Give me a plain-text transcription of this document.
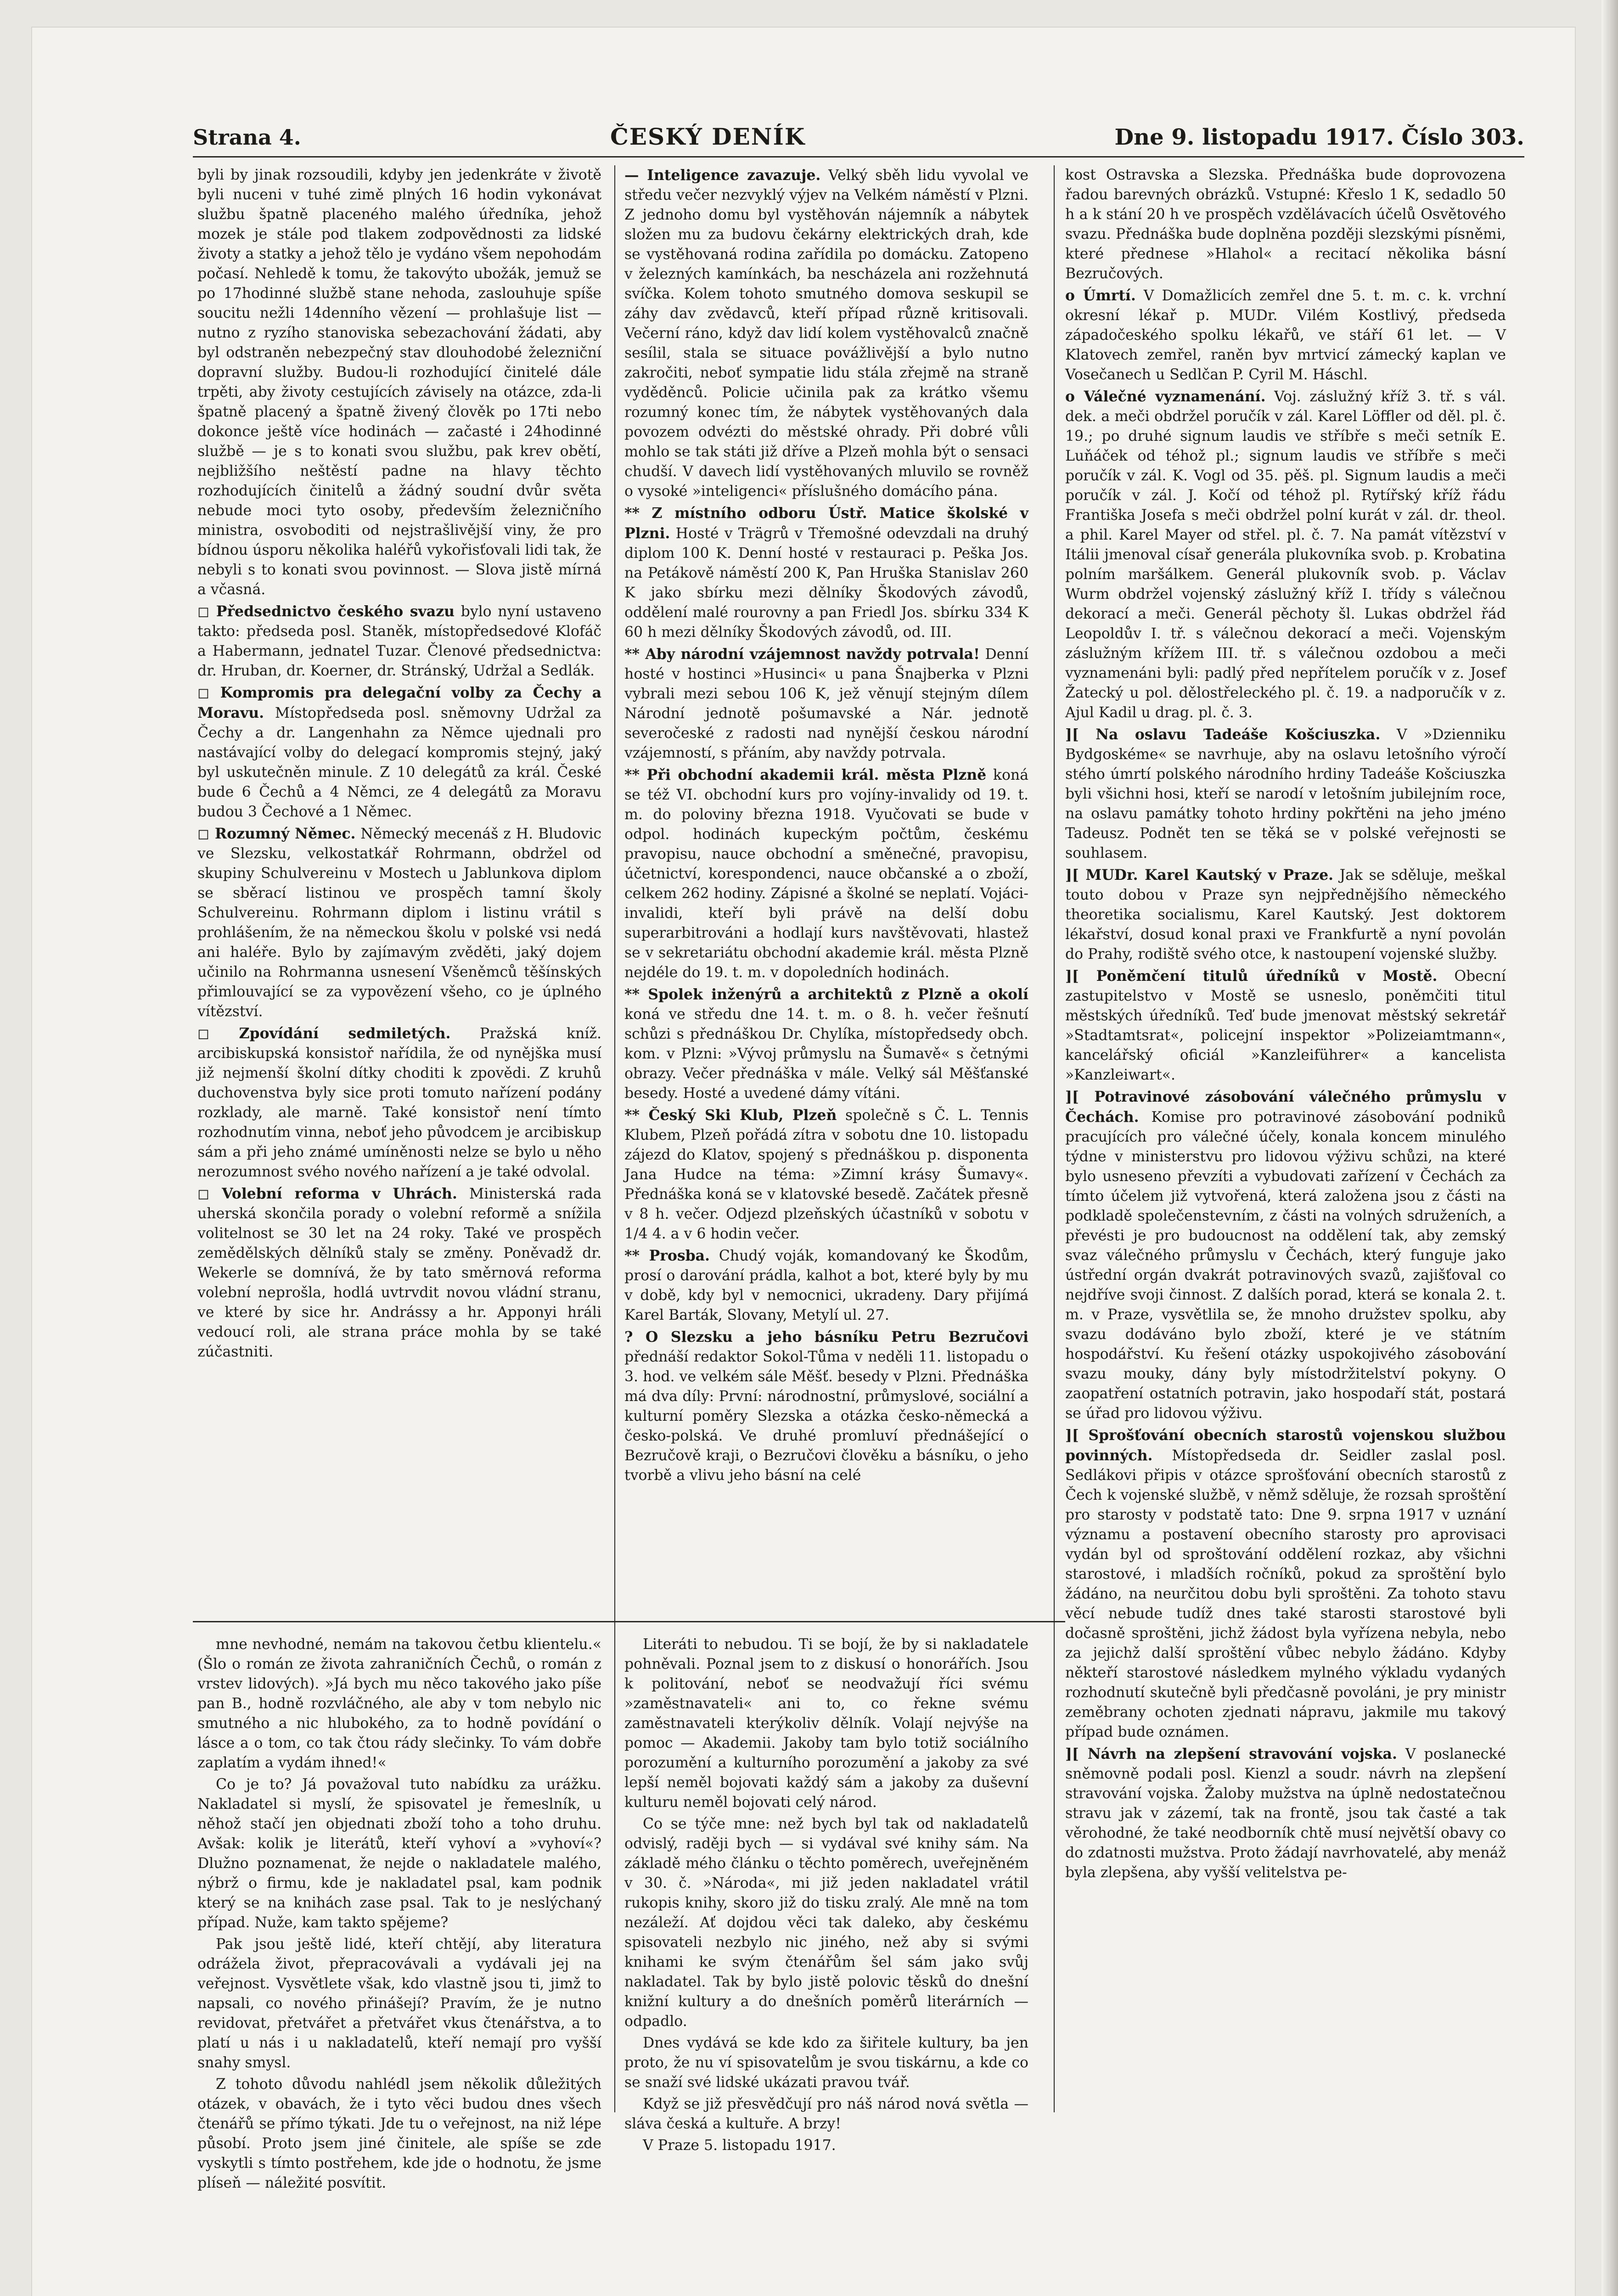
Strana 4.	ČESKÝ DENÍK	Dne 9. listopadu 1917. Číslo 303.

byli by jinak rozsoudili, kdyby jen jedenkráte v životě byli nuceni v tuhé zimě plných 16 hodin vykonávat službu špatně placeného malého úředníka, jehož mozek je stále pod tlakem zodpovědnosti za lidské životy a statky a jehož tělo je vydáno všem nepohodám počasí. Nehledě k tomu, že takovýto ubožák, jemuž se po 17hodinné službě stane nehoda, zaslouhuje spíše soucitu nežli 14denního vězení — prohlašuje list — nutno z ryzího stanoviska sebezachování žádati, aby byl odstraněn nebezpečný stav dlouhodobé železniční dopravní služby. Budou-li rozhodující činitelé dále trpěti, aby životy cestujících závisely na otázce, zda-li špatně placený a špatně živený člověk po 17ti nebo dokonce ještě více hodinách — začasté i 24hodinné službě — je s to konati svou službu, pak krev obětí, nejbližšího neštěstí padne na hlavy těchto rozhodujících činitelů a žádný soudní dvůr světa nebude moci tyto osoby, především železničního ministra, osvoboditi od nejstrašlivější viny, že pro bídnou úsporu několika haléřů vykořisťovali lidi tak, že nebyli s to konati svou povinnost. — Slova jistě mírná a včasná.

◻ Předsednictvo českého svazu bylo nyní ustaveno takto: předseda posl. Staněk, místopředsedové Klofáč a Habermann, jednatel Tuzar. Členové předsednictva: dr. Hruban, dr. Koerner, dr. Stránský, Udržal a Sedlák.

◻ Kompromis pra delegační volby za Čechy a Moravu. Místopředseda posl. sněmovny Udržal za Čechy a dr. Langenhahn za Němce ujednali pro nastávající volby do delegací kompromis stejný, jaký byl uskutečněn minule. Z 10 delegátů za král. České bude 6 Čechů a 4 Němci, ze 4 delegátů za Moravu budou 3 Čechové a 1 Němec.

◻ Rozumný Němec. Německý mecenáš z H. Bludovic ve Slezsku, velkostatkář Rohrmann, obdržel od skupiny Schulvereinu v Mostech u Jablunkova diplom se sběrací listinou ve prospěch tamní školy Schulvereinu. Rohrmann diplom i listinu vrátil s prohlášením, že na německou školu v polské vsi nedá ani haléře. Bylo by zajímavým zvěděti, jaký dojem učinilo na Rohrmanna usnesení Všeněmců těšínských přimlouvající se za vypovězení všeho, co je úplného vítězství.

◻ Zpovídání sedmiletých. Pražská kníž. arcibiskupská konsistoř nařídila, že od nynějška musí již nejmenší školní dítky choditi k zpovědi. Z kruhů duchovenstva byly sice proti tomuto nařízení podány rozklady, ale marně. Také konsistoř není tímto rozhodnutím vinna, neboť jeho původcem je arcibiskup sám a při jeho známé umíněnosti nelze se bylo u něho nerozumnost svého nového nařízení a je také odvolal.

◻ Volební reforma v Uhrách. Ministerská rada uherská skončila porady o volební reformě a snížila volitelnost se 30 let na 24 roky. Také ve prospěch zemědělských dělníků staly se změny. Poněvadž dr. Wekerle se domnívá, že by tato směrnová reforma volební neprošla, hodlá uvtrvdit novou vládní stranu, ve které by sice hr. Andrássy a hr. Apponyi hráli vedoucí roli, ale strana práce mohla by se také zúčastniti.

mne nevhodné, nemám na takovou četbu klientelu.« (Šlo o román ze života zahraničních Čechů, o román z vrstev lidových). »Já bych mu něco takového jako píše pan B., hodně rozvláčného, ale aby v tom nebylo nic smutného a nic hlubokého, za to hodně povídání o lásce a o tom, co tak čtou rády slečinky. To vám dobře zaplatím a vydám ihned!«

Co je to? Já považoval tuto nabídku za urážku. Nakladatel si myslí, že spisovatel je řemeslník, u něhož stačí jen objednati zboží toho a toho druhu. Avšak: kolik je literátů, kteří vyhoví a »vyhoví«? Dlužno poznamenat, že nejde o nakladatele malého, nýbrž o firmu, kde je nakladatel psal, kam podnik který se na knihách zase psal. Tak to je neslýchaný případ. Nuže, kam takto spějeme?

Pak jsou ještě lidé, kteří chtějí, aby literatura odrážela život, přepracovávali a vydávali jej na veřejnost. Vysvětlete však, kdo vlastně jsou ti, jimž to napsali, co nového přinášejí? Pravím, že je nutno revidovat, přetvářet a přetvářet vkus čtenářstva, a to platí u nás i u nakladatelů, kteří nemají pro vyšší snahy smysl.

Z tohoto důvodu nahlédl jsem několik důležitých otázek, v obavách, že i tyto věci budou dnes všech čtenářů se přímo týkati. Jde tu o veřejnost, na niž lépe působí. Proto jsem jiné činitele, ale spíše se zde vyskytli s tímto postřehem, kde jde o hodnotu, že jsme plíseň — náležité posvítit.

— Inteligence zavazuje. Velký sběh lidu vyvolal ve středu večer nezvyklý výjev na Velkém náměstí v Plzni. Z jednoho domu byl vystěhován nájemník a nábytek složen mu za budovu čekárny elektrických drah, kde se vystěhovaná rodina zařídila po domácku. Zatopeno v železných kamínkách, ba nescházela ani rozžehnutá svíčka. Kolem tohoto smutného domova seskupil se záhy dav zvědavců, kteří případ různě kritisovali. Večerní ráno, když dav lidí kolem vystěhovalců značně sesílil, stala se situace povážlivější a bylo nutno zakročiti, neboť sympatie lidu stála zřejmě na straně vyděděnců. Policie učinila pak za krátko všemu rozumný konec tím, že nábytek vystěhovaných dala povozem odvézti do městské ohrady. Při dobré vůli mohlo se tak státi již dříve a Plzeň mohla být o sensaci chudší. V davech lidí vystěhovaných mluvilo se rovněž o vysoké »inteligenci« příslušného domácího pána.

** Z místního odboru Ústř. Matice školské v Plzni. Hosté v Trägrů v Třemošné odevzdali na druhý diplom 100 K. Denní hosté v restauraci p. Peška Jos. na Petákově náměstí 200 K, Pan Hruška Stanislav 260 K jako sbírku mezi dělníky Škodových závodů, oddělení malé rourovny a pan Friedl Jos. sbírku 334 K 60 h mezi dělníky Škodových závodů, od. III.

** Aby národní vzájemnost navždy potrvala! Denní hosté v hostinci »Husinci« u pana Šnajberka v Plzni vybrali mezi sebou 106 K, jež věnují stejným dílem Národní jednotě pošumavské a Nár. jednotě severočeské z radosti nad nynější českou národní vzájemností, s přáním, aby navždy potrvala.

** Při obchodní akademii král. města Plzně koná se též VI. obchodní kurs pro vojíny-invalidy od 19. t. m. do poloviny března 1918. Vyučovati se bude v odpol. hodinách kupeckým počtům, českému pravopisu, nauce obchodní a směnečné, pravopisu, účetnictví, korespondenci, nauce občanské a o zboží, celkem 262 hodiny. Zápisné a školné se neplatí. Vojáci-invalidi, kteří byli právě na delší dobu superarbitrováni a hodlají kurs navštěvovati, hlastež se v sekretariátu obchodní akademie král. města Plzně nejdéle do 19. t. m. v dopoledních hodinách.

** Spolek inženýrů a architektů z Plzně a okolí koná ve středu dne 14. t. m. o 8. h. večer řešnutí schůzi s přednáškou Dr. Chylíka, místopředsedy obch. kom. v Plzni: »Vývoj průmyslu na Šumavě« s četnými obrazy. Večer přednáška v mále. Velký sál Měšťanské besedy. Hosté a uvedené dámy vítáni.

** Český Ski Klub, Plzeň společně s Č. L. Tennis Klubem, Plzeň pořádá zítra v sobotu dne 10. listopadu zájezd do Klatov, spojený s přednáškou p. disponenta Jana Hudce na téma: »Zimní krásy Šumavy«. Přednáška koná se v klatovské besedě. Začátek přesně v 8 h. večer. Odjezd plzeňských účastníků v sobotu v 1/4 4. a v 6 hodin večer.

** Prosba. Chudý voják, komandovaný ke Škodům, prosí o darování prádla, kalhot a bot, které byly by mu v době, kdy byl v nemocnici, ukradeny. Dary přijímá Karel Barták, Slovany, Metylí ul. 27.

? O Slezsku a jeho básníku Petru Bezručovi přednáší redaktor Sokol-Tůma v neděli 11. listopadu o 3. hod. ve velkém sále Měšť. besedy v Plzni. Přednáška má dva díly: První: národnostní, průmyslové, sociální a kulturní poměry Slezska a otázka česko-německá a česko-polská. Ve druhé promluví přednášející o Bezručově kraji, o Bezručovi člověku a básníku, o jeho tvorbě a vlivu jeho básní na celé

Literáti to nebudou. Ti se bojí, že by si nakladatele pohněvali. Poznal jsem to z diskusí o honorářích. Jsou k politování, neboť se neodvažují říci svému »zaměstnavateli« ani to, co řekne svému zaměstnavateli kterýkoliv dělník. Volají nejvýše na pomoc — Akademii. Jakoby tam bylo totiž sociálního porozumění a kulturního porozumění a jakoby za své lepší neměl bojovati každý sám a jakoby za duševní kulturu neměl bojovati celý národ.

Co se týče mne: než bych byl tak od nakladatelů odvislý, raději bych — si vydával své knihy sám. Na základě mého článku o těchto poměrech, uveřejněném v 30. č. »Národa«, mi již jeden nakladatel vrátil rukopis knihy, skoro již do tisku zralý. Ale mně na tom nezáleží. Ať dojdou věci tak daleko, aby českému spisovateli nezbylo nic jiného, než aby si svými knihami ke svým čtenářům šel sám jako svůj nakladatel. Tak by bylo jistě polovic těsků do dnešní knižní kultury a do dnešních poměrů literárních — odpadlo.

Dnes vydává se kde kdo za šiřitele kultury, ba jen proto, že nu ví spisovatelům je svou tiskárnu, a kde co se snaží své lidské ukázati pravou tvář.

Když se již přesvědčují pro náš národ nová světla — sláva česká a kultuře. A brzy!

V Praze 5. listopadu 1917.

kost Ostravska a Slezska. Přednáška bude doprovozena řadou barevných obrázků. Vstupné: Křeslo 1 K, sedadlo 50 h a k stání 20 h ve prospěch vzdělávacích účelů Osvětového svazu. Přednáška bude doplněna později slezskými písněmi, které přednese »Hlahol« a recitací několika básní Bezručových.

o Úmrtí. V Domažlicích zemřel dne 5. t. m. c. k. vrchní okresní lékař p. MUDr. Vilém Kostlivý, předseda západočeského spolku lékařů, ve stáří 61 let. — V Klatovech zemřel, raněn byv mrtvicí zámecký kaplan ve Vosečanech u Sedlčan P. Cyril M. Háschl.

o Válečné vyznamenání. Voj. záslužný kříž 3. tř. s vál. dek. a meči obdržel poručík v zál. Karel Löffler od děl. pl. č. 19.; po druhé signum laudis ve stříbře s meči setník E. Luňáček od téhož pl.; signum laudis ve stříbře s meči poručík v zál. K. Vogl od 35. pěš. pl. Signum laudis a meči poručík v zál. J. Kočí od téhož pl. Rytířský kříž řádu Františka Josefa s meči obdržel polní kurát v zál. dr. theol. a phil. Karel Mayer od střel. pl. č. 7. Na památ vítězství v Itálii jmenoval císař generála plukovníka svob. p. Krobatina polním maršálkem. Generál plukovník svob. p. Václav Wurm obdržel vojenský záslužný kříž I. třídy s válečnou dekorací a meči. Generál pěchoty šl. Lukas obdržel řád Leopoldův I. tř. s válečnou dekorací a meči. Vojenským záslužným křížem III. tř. s válečnou ozdobou a meči vyznamenáni byli: padlý před nepřítelem poručík v z. Josef Žatecký u pol. dělostřeleckého pl. č. 19. a nadporučík v z. Ajul Kadil u drag. pl. č. 3.

][ Na oslavu Tadeáše Košciuszka. V »Dzienniku Bydgoskéme« se navrhuje, aby na oslavu letošního výročí stého úmrtí polského národního hrdiny Tadeáše Košciuszka byli všichni hosi, kteří se narodí v letošním jubilejním roce, na oslavu památky tohoto hrdiny pokřtěni na jeho jméno Tadeusz. Podnět ten se těká se v polské veřejnosti se souhlasem.

][ MUDr. Karel Kautský v Praze. Jak se sděluje, meškal touto dobou v Praze syn nejpřednějšího německého theoretika socialismu, Karel Kautský. Jest doktorem lékařství, dosud konal praxi ve Frankfurtě a nyní povolán do Prahy, rodiště svého otce, k nastoupení vojenské služby.

][ Poněmčení titulů úředníků v Mostě. Obecní zastupitelstvo v Mostě se usneslo, poněmčiti titul městských úředníků. Teď bude jmenovat městský sekretář »Stadtamtsrat«, policejní inspektor »Polizeiamtmann«, kancelářský oficiál »Kanzleiführer« a kancelista »Kanzleiwart«.

][ Potravinové zásobování válečného průmyslu v Čechách. Komise pro potravinové zásobování podniků pracujících pro válečné účely, konala koncem minulého týdne v ministerstvu pro lidovou výživu schůzi, na které bylo usneseno převzíti a vybudovati zařízení v Čechách za tímto účelem již vytvořená, která založena jsou z části na podkladě společenstevním, z části na volných sdruženích, a převésti je pro budoucnost na oddělení tak, aby zemský svaz válečného průmyslu v Čechách, který funguje jako ústřední orgán dvakrát potravinových svazů, zajišťoval co nejdříve svoji činnost. Z dalších porad, která se konala 2. t. m. v Praze, vysvětlila se, že mnoho družstev spolku, aby svazu dodáváno bylo zboží, které je ve státním hospodářství. Ku řešení otázky uspokojivého zásobování svazu mouky, dány byly místodržitelství pokyny. O zaopatření ostatních potravin, jako hospodaří stát, postará se úřad pro lidovou výživu.

][ Sprošťování obecních starostů vojenskou službou povinných. Místopředseda dr. Seidler zaslal posl. Sedlákovi připis v otázce sprošťování obecních starostů z Čech k vojenské službě, v němž sděluje, že rozsah sproštění pro starosty v podstatě tato: Dne 9. srpna 1917 v uznání významu a postavení obecního starosty pro aprovisaci vydán byl od sproštování oddělení rozkaz, aby všichni starostové, i mladších ročníků, pokud za sproštění bylo žádáno, na neurčitou dobu byli sproštěni. Za tohoto stavu věcí nebude tudíž dnes také starosti starostové byli dočasně sproštěni, jichž žádost byla vyřízena nebyla, nebo za jejichž další sproštění vůbec nebylo žádáno. Kdyby někteří starostové následkem mylného výkladu vydaných rozhodnutí skutečně byli předčasně povoláni, je pry ministr zeměbrany ochoten zjednati nápravu, jakmile mu takový případ bude oznámen.

][ Návrh na zlepšení stravování vojska. V poslanecké sněmovně podali posl. Kienzl a soudr. návrh na zlepšení stravování vojska. Žaloby mužstva na úplně nedostatečnou stravu jak v zázemí, tak na frontě, jsou tak časté a tak věrohodné, že také neodborník chtě musí největší obavy co do zdatnosti mužstva. Proto žádají navrhovatelé, aby menáž byla zlepšena, aby vyšší velitelstva pe-
